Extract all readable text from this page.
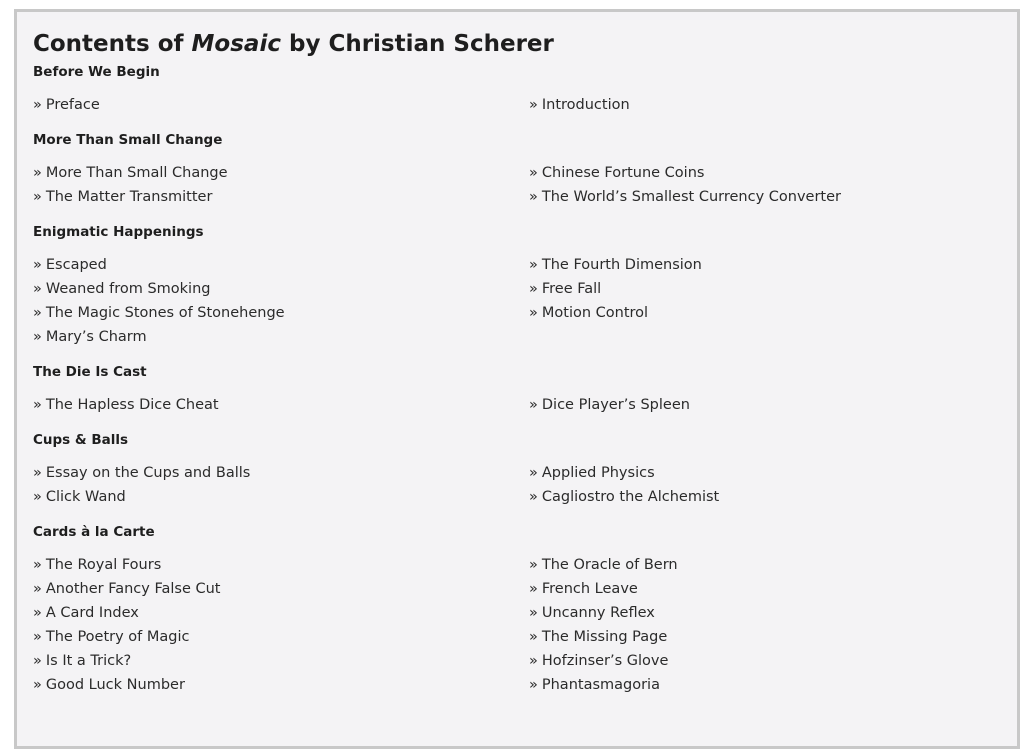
Contents of Mosaic by Christian Scherer
Before We Begin
» Preface	» Introduction
More Than Small Change
» More Than Small Change	» Chinese Fortune Coins
» The Matter Transmitter	» The World’s Smallest Currency Converter
Enigmatic Happenings
» Escaped	» The Fourth Dimension
» Weaned from Smoking	» Free Fall
» The Magic Stones of Stonehenge	» Motion Control
» Mary’s Charm
The Die Is Cast
» The Hapless Dice Cheat	» Dice Player’s Spleen
Cups & Balls
» Essay on the Cups and Balls	» Applied Physics
» Click Wand	» Cagliostro the Alchemist
Cards à la Carte
» The Royal Fours	» The Oracle of Bern
» Another Fancy False Cut	» French Leave
» A Card Index	» Uncanny Reflex
» The Poetry of Magic	» The Missing Page
» Is It a Trick?	» Hofzinser’s Glove
» Good Luck Number	» Phantasmagoria
